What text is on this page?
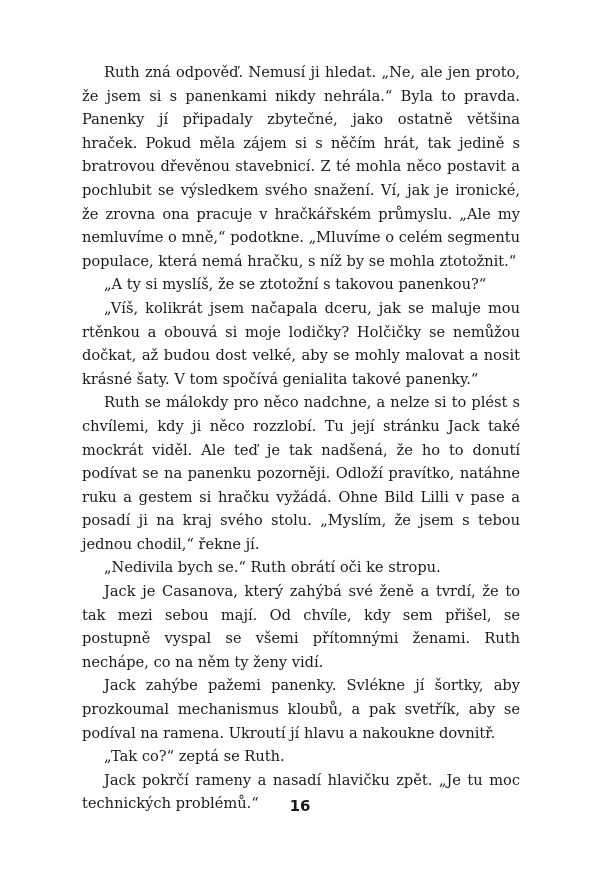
Ruth zná odpověď. Nemusí ji hledat. „Ne, ale jen proto, že jsem si s panenkami nikdy nehrála.“ Byla to pravda. Panenky jí připadaly zbytečné, jako ostatně většina hraček. Pokud měla zájem si s něčím hrát, tak jedině s bratrovou dřevěnou stavebnicí. Z té mohla něco postavit a pochlubit se výsledkem svého snažení. Ví, jak je ironické, že zrovna ona pracuje v hračkářském průmyslu. „Ale my nemluvíme o mně,“ podotkne. „Mluvíme o celém segmentu populace, která nemá hračku, s níž by se mohla ztotožnit.“

„A ty si myslíš, že se ztotožní s takovou panenkou?“

„Víš, kolikrát jsem načapala dceru, jak se maluje mou rtěnkou a obouvá si moje lodičky? Holčičky se nemůžou dočkat, až budou dost velké, aby se mohly malovat a nosit krásné šaty. V tom spočívá genialita takové panenky.“

Ruth se málokdy pro něco nadchne, a nelze si to plést s chvílemi, kdy ji něco rozzlobí. Tu její stránku Jack také mockrát viděl. Ale teď je tak nadšená, že ho to donutí podívat se na panenku pozorněji. Odloží pravítko, natáhne ruku a gestem si hračku vyžádá. Ohne Bild Lilli v pase a posadí ji na kraj svého stolu. „Myslím, že jsem s tebou jednou chodil,“ řekne jí.

„Nedivila bych se.“ Ruth obrátí oči ke stropu.

Jack je Casanova, který zahýbá své ženě a tvrdí, že to tak mezi sebou mají. Od chvíle, kdy sem přišel, se postupně vyspal se všemi přítomnými ženami. Ruth nechápe, co na něm ty ženy vidí.

Jack zahýbe pažemi panenky. Svlékne jí šortky, aby prozkoumal mechanismus kloubů, a pak svetřík, aby se podíval na ramena. Ukroutí jí hlavu a nakoukne dovnitř.

„Tak co?“ zeptá se Ruth.

Jack pokrčí rameny a nasadí hlavičku zpět. „Je tu moc technických problémů.“	16
